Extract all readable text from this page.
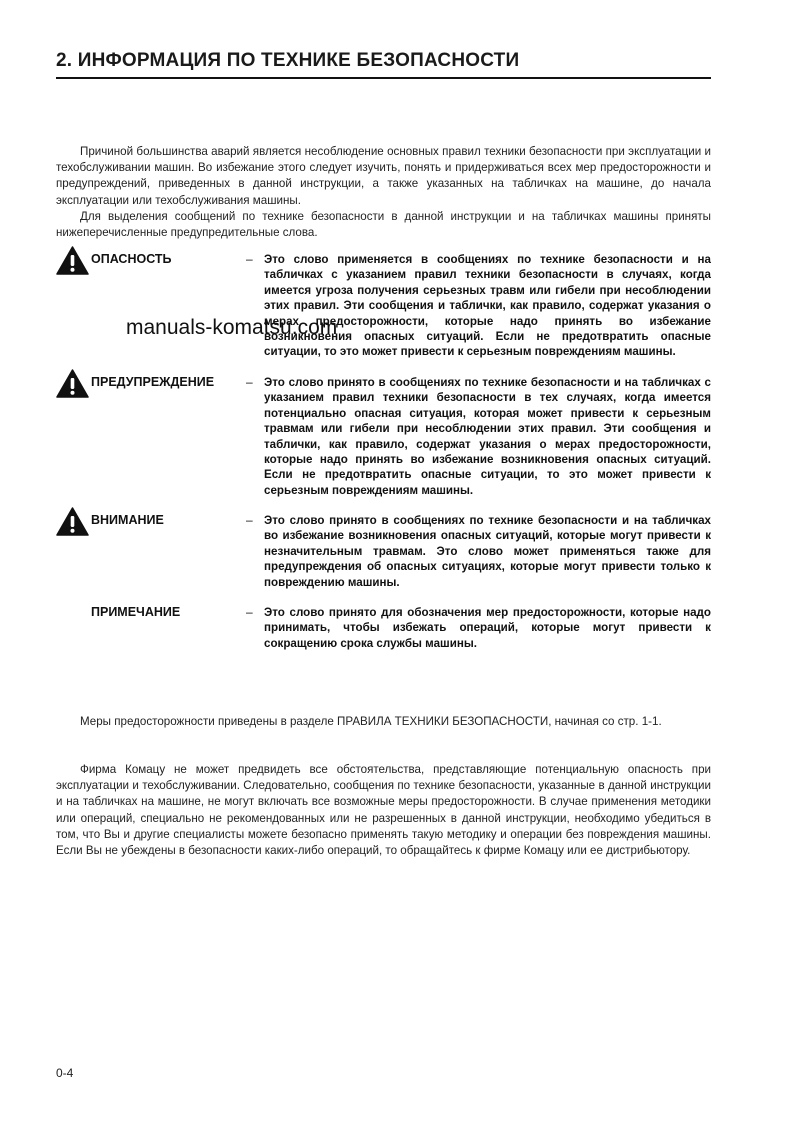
2. ИНФОРМАЦИЯ ПО ТЕХНИКЕ БЕЗОПАСНОСТИ

Причиной большинства аварий является несоблюдение основных правил техники безопасности при эксплуатации и техобслуживании машин. Во избежание этого следует изучить, понять и придерживаться всех мер предосторожности и предупреждений, приведенных в данной инструкции, а также указанных на табличках на машине, до начала эксплуатации или техобслуживания машины.

Для выделения сообщений по технике безопасности в данной инструкции и на табличках машины приняты нижеперечисленные предупредительные слова.

ОПАСНОСТЬ	– Это слово применяется в сообщениях по технике безопасности и на табличках с указанием правил техники безопасности в случаях, когда имеется угроза получения серьезных травм или гибели при несоблюдении этих правил. Эти сообщения и таблички, как правило, содержат указания о мерах предосторожности, которые надо принять во избежание возникновения опасных ситуаций. Если не предотвратить опасные ситуации, то это может привести к серьезным повреждениям машины.
ПРЕДУПРЕЖДЕНИЕ	– Это слово принято в сообщениях по технике безопасности и на табличках с указанием правил техники безопасности в тех случаях, когда имеется потенциально опасная ситуация, которая может привести к серьезным травмам или гибели при несоблюдении этих правил. Эти сообщения и таблички, как правило, содержат указания о мерах предосторожности, которые надо принять во избежание возникновения опасных ситуаций. Если не предотвратить опасные ситуации, то это может привести к серьезным повреждениям машины.
ВНИМАНИЕ	– Это слово принято в сообщениях по технике безопасности и на табличках во избежание возникновения опасных ситуаций, которые могут привести к незначительным травмам. Это слово может применяться также для предупреждения об опасных ситуациях, которые могут привести только к повреждению машины.
ПРИМЕЧАНИЕ	– Это слово принято для обозначения мер предосторожности, которые надо принимать, чтобы избежать операций, которые могут привести к сокращению срока службы машины.
manuals-komatsu.com

Меры предосторожности приведены в разделе ПРАВИЛА ТЕХНИКИ БЕЗОПАСНОСТИ, начиная со стр. 1-1.

Фирма Комацу не может предвидеть все обстоятельства, представляющие потенциальную опасность при эксплуатации и техобслуживании. Следовательно, сообщения по технике безопасности, указанные в данной инструкции и на табличках на машине, не могут включать все возможные меры предосторожности. В случае применения методики или операций, специально не рекомендованных или не разрешенных в данной инструкции, необходимо убедиться в том, что Вы и другие специалисты можете безопасно применять такую методику и операции без повреждения машины. Если Вы не убеждены в безопасности каких-либо операций, то обращайтесь к фирме Комацу или ее дистрибьютору.

0-4
